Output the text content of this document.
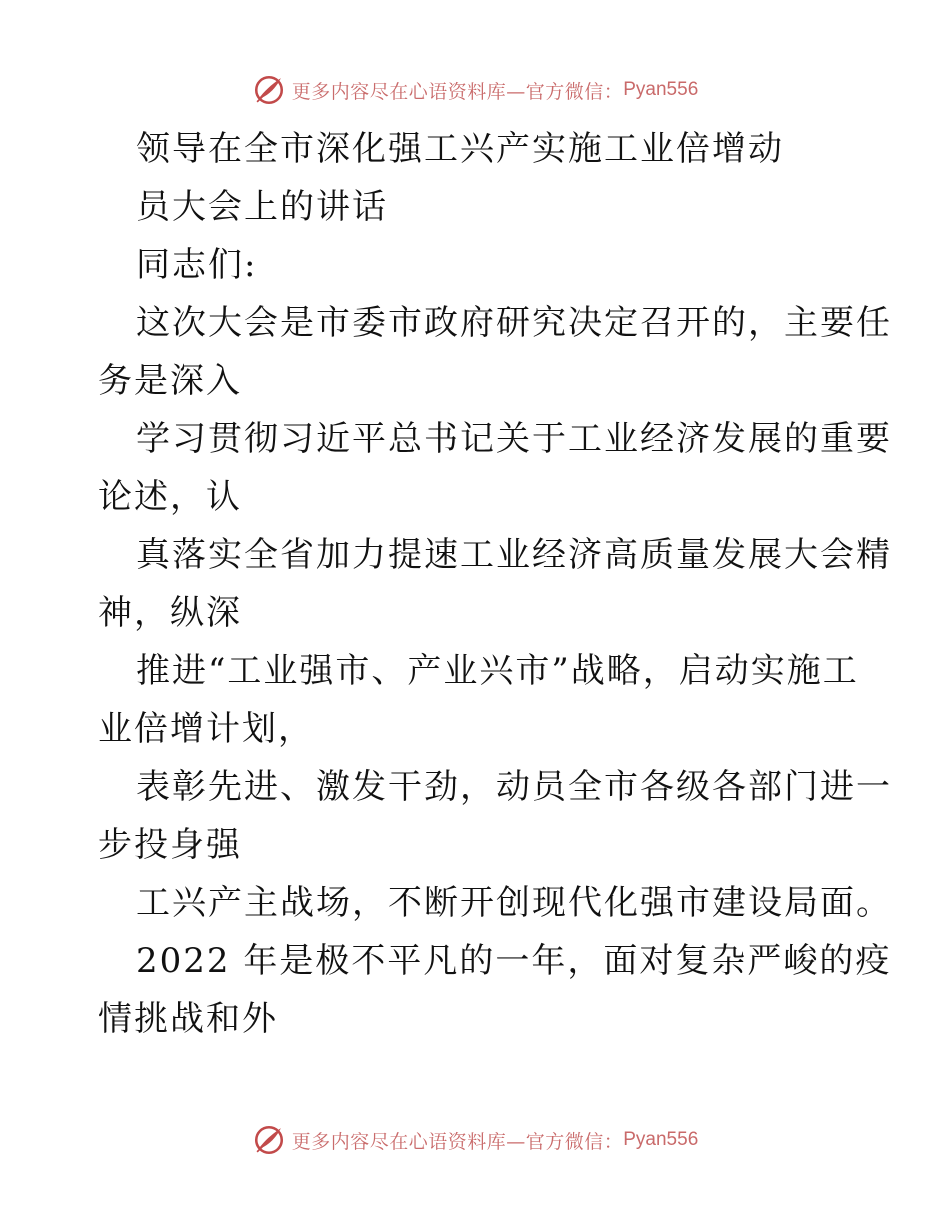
更多内容尽在心语资料库—官方微信： Pyan556
领导在全市深化强工兴产实施工业倍增动
员大会上的讲话
同志们:
这次大会是市委市政府研究决定召开的，主要任
务是深入
学习贯彻习近平总书记关于工业经济发展的重要
论述，认
真落实全省加力提速工业经济高质量发展大会精
神，纵深
推进“工业强市、产业兴市”战略，启动实施工
业倍增计划，
表彰先进、激发干劲，动员全市各级各部门进一
步投身强
工兴产主战场，不断开创现代化强市建设局面。
2022 年是极不平凡的一年，面对复杂严峻的疫
情挑战和外
更多内容尽在心语资料库—官方微信： Pyan556
